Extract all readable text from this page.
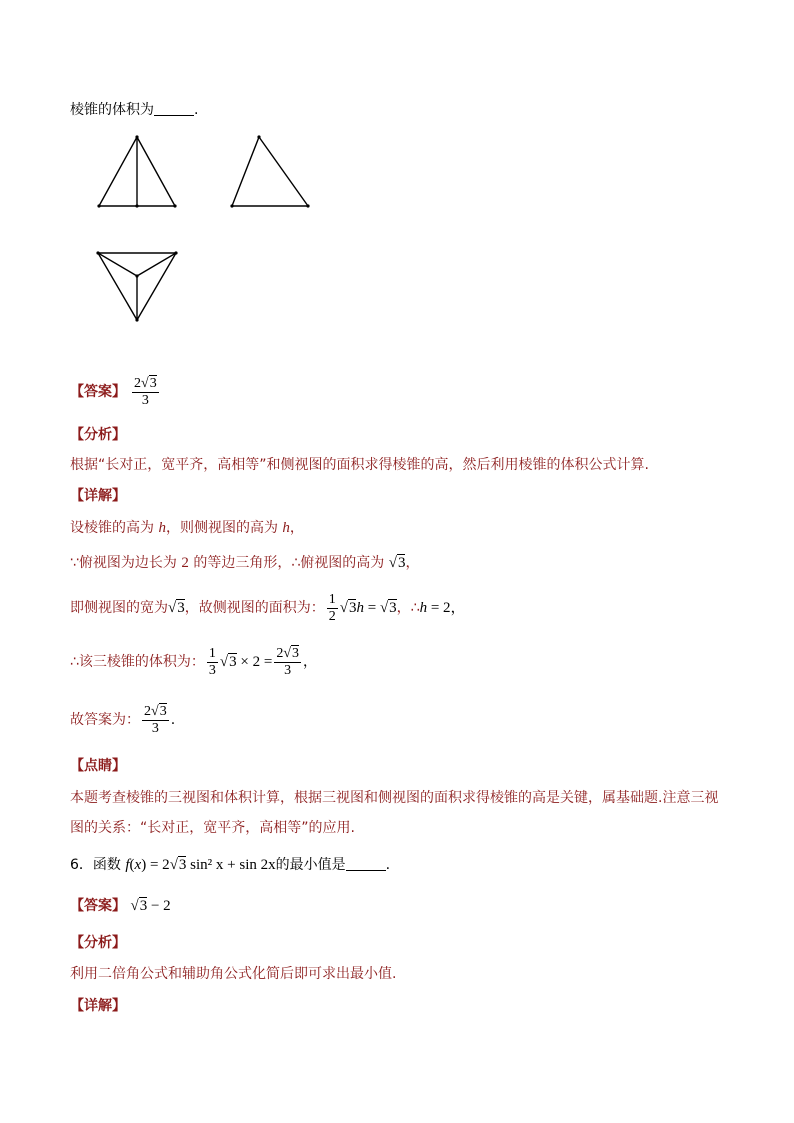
棱锥的体积为	.
【答案】 $\frac{2√3}{3}$
【分析】
根据“长对正，宽平齐，高相等”和侧视图的面积求得棱锥的高，然后利用棱锥的体积公式计算.
【详解】
设棱锥的高为 h，则侧视图的高为 h，
∵俯视图为边长为 2 的等边三角形，∴俯视图的高为 √3，
即侧视图的宽为 √3 ，故侧视图的面积为： $\frac{1}{2} √3h = √3$ ，∴ h = 2，
∴该三棱锥的体积为： $\frac{1}{3} √3 \times 2 = \frac{2√3}{3}$ ，
故答案为： $\frac{2√3}{3}$ .
【点睛】
本题考查棱锥的三视图和体积计算，根据三视图和侧视图的面积求得棱锥的高是关键，属基础题.注意三视
图的关系：“长对正，宽平齐，高相等”的应用.
6．函数 f(x) = 2√3 sin² x + sin 2x的最小值是	.
【答案】 √3 − 2
【分析】
利用二倍角公式和辅助角公式化简后即可求出最小值.
【详解】
